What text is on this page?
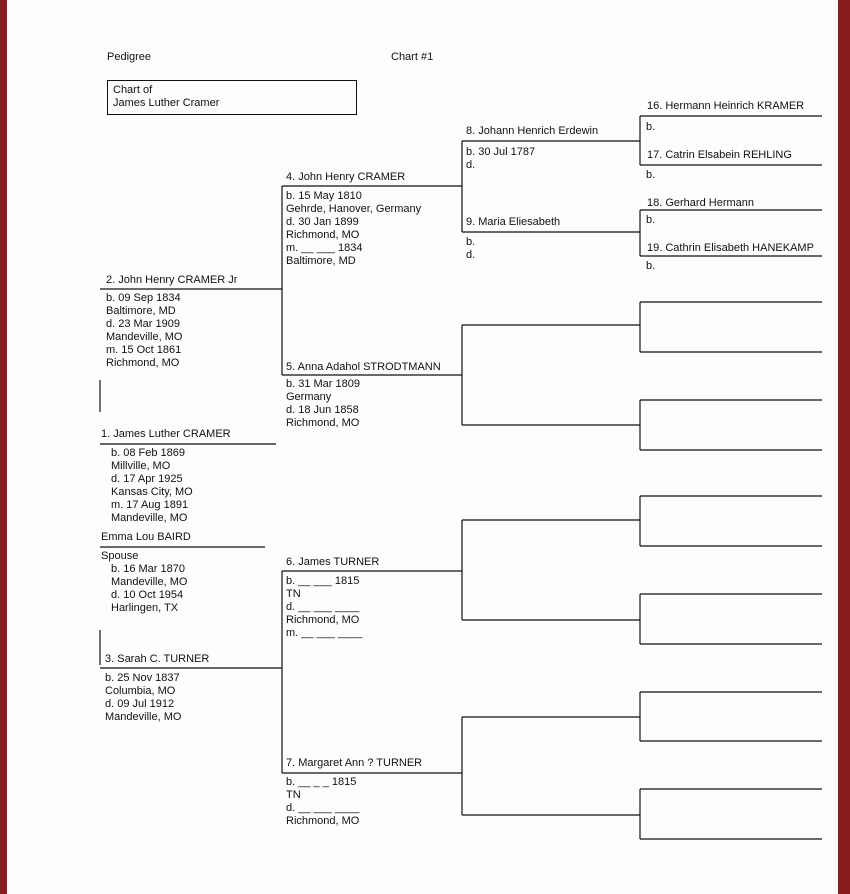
Pedigree	Chart #1
Chart of
James Luther Cramer
1. James Luther CRAMER
b. 08 Feb 1869
Millville, MO
d. 17 Apr 1925
Kansas City, MO
m. 17 Aug 1891
Mandeville, MO
Emma Lou BAIRD
Spouse
b. 16 Mar 1870
Mandeville, MO
d. 10 Oct 1954
Harlingen, TX
2. John Henry CRAMER Jr
b. 09 Sep 1834
Baltimore, MD
d. 23 Mar 1909
Mandeville, MO
m. 15 Oct 1861
Richmond, MO
3. Sarah C. TURNER
b. 25 Nov 1837
Columbia, MO
d. 09 Jul 1912
Mandeville, MO
4. John Henry CRAMER
b. 15 May 1810
Gehrde, Hanover, Germany
d. 30 Jan 1899
Richmond, MO
m. __ ___ 1834
Baltimore, MD
5. Anna Adahol STRODTMANN
b. 31 Mar 1809
Germany
d. 18 Jun 1858
Richmond, MO
6. James TURNER
b. __ ___ 1815
TN
d. __ ___ ____
Richmond, MO
m. __ ___ ____
7. Margaret Ann ? TURNER
b. __ _ _ 1815
TN
d. __ ___ ____
Richmond, MO
8. Johann Henrich Erdewin
b. 30 Jul 1787
d.
9. Maria Eliesabeth
b.
d.
16. Hermann Heinrich KRAMER
b.
17. Catrin Elsabein REHLING
b.
18. Gerhard Hermann
b.
19. Cathrin Elisabeth HANEKAMP
b.
